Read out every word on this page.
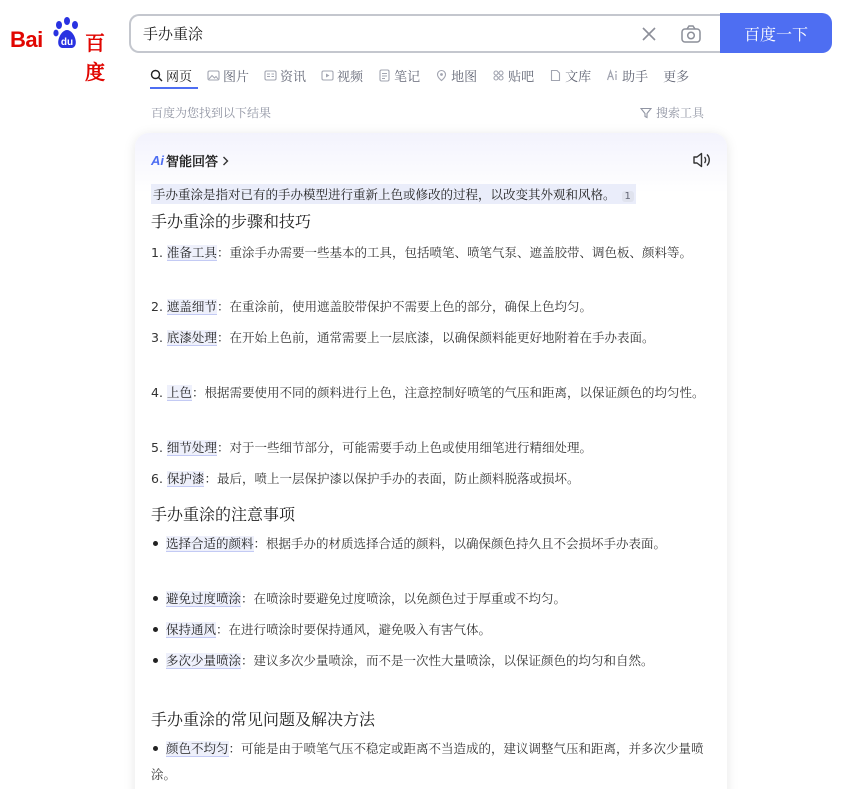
Bai	du 百度
手办重涂
百度一下
网页 图片 资讯 视频 笔记 地图 贴吧 文库 助手 更多
百度为您找到以下结果	搜索工具
Ai 智能回答
手办重涂是指对已有的手办模型进行重新上色或修改的过程，以改变其外观和风格。 1
手办重涂的步骤和技巧
1. 准备工具：重涂手办需要一些基本的工具，包括喷笔、喷笔气泵、遮盖胶带、调色板、颜料等。
2. 遮盖细节：在重涂前，使用遮盖胶带保护不需要上色的部分，确保上色均匀。
3. 底漆处理：在开始上色前，通常需要上一层底漆，以确保颜料能更好地附着在手办表面。
4. 上色：根据需要使用不同的颜料进行上色，注意控制好喷笔的气压和距离，以保证颜色的均匀性。
5. 细节处理：对于一些细节部分，可能需要手动上色或使用细笔进行精细处理。
6. 保护漆：最后，喷上一层保护漆以保护手办的表面，防止颜料脱落或损坏。
手办重涂的注意事项
选择合适的颜料：根据手办的材质选择合适的颜料，以确保颜色持久且不会损坏手办表面。
避免过度喷涂：在喷涂时要避免过度喷涂，以免颜色过于厚重或不均匀。
保持通风：在进行喷涂时要保持通风，避免吸入有害气体。
多次少量喷涂：建议多次少量喷涂，而不是一次性大量喷涂，以保证颜色的均匀和自然。
手办重涂的常见问题及解决方法
颜色不均匀：可能是由于喷笔气压不稳定或距离不当造成的，建议调整气压和距离，并多次少量喷涂。
